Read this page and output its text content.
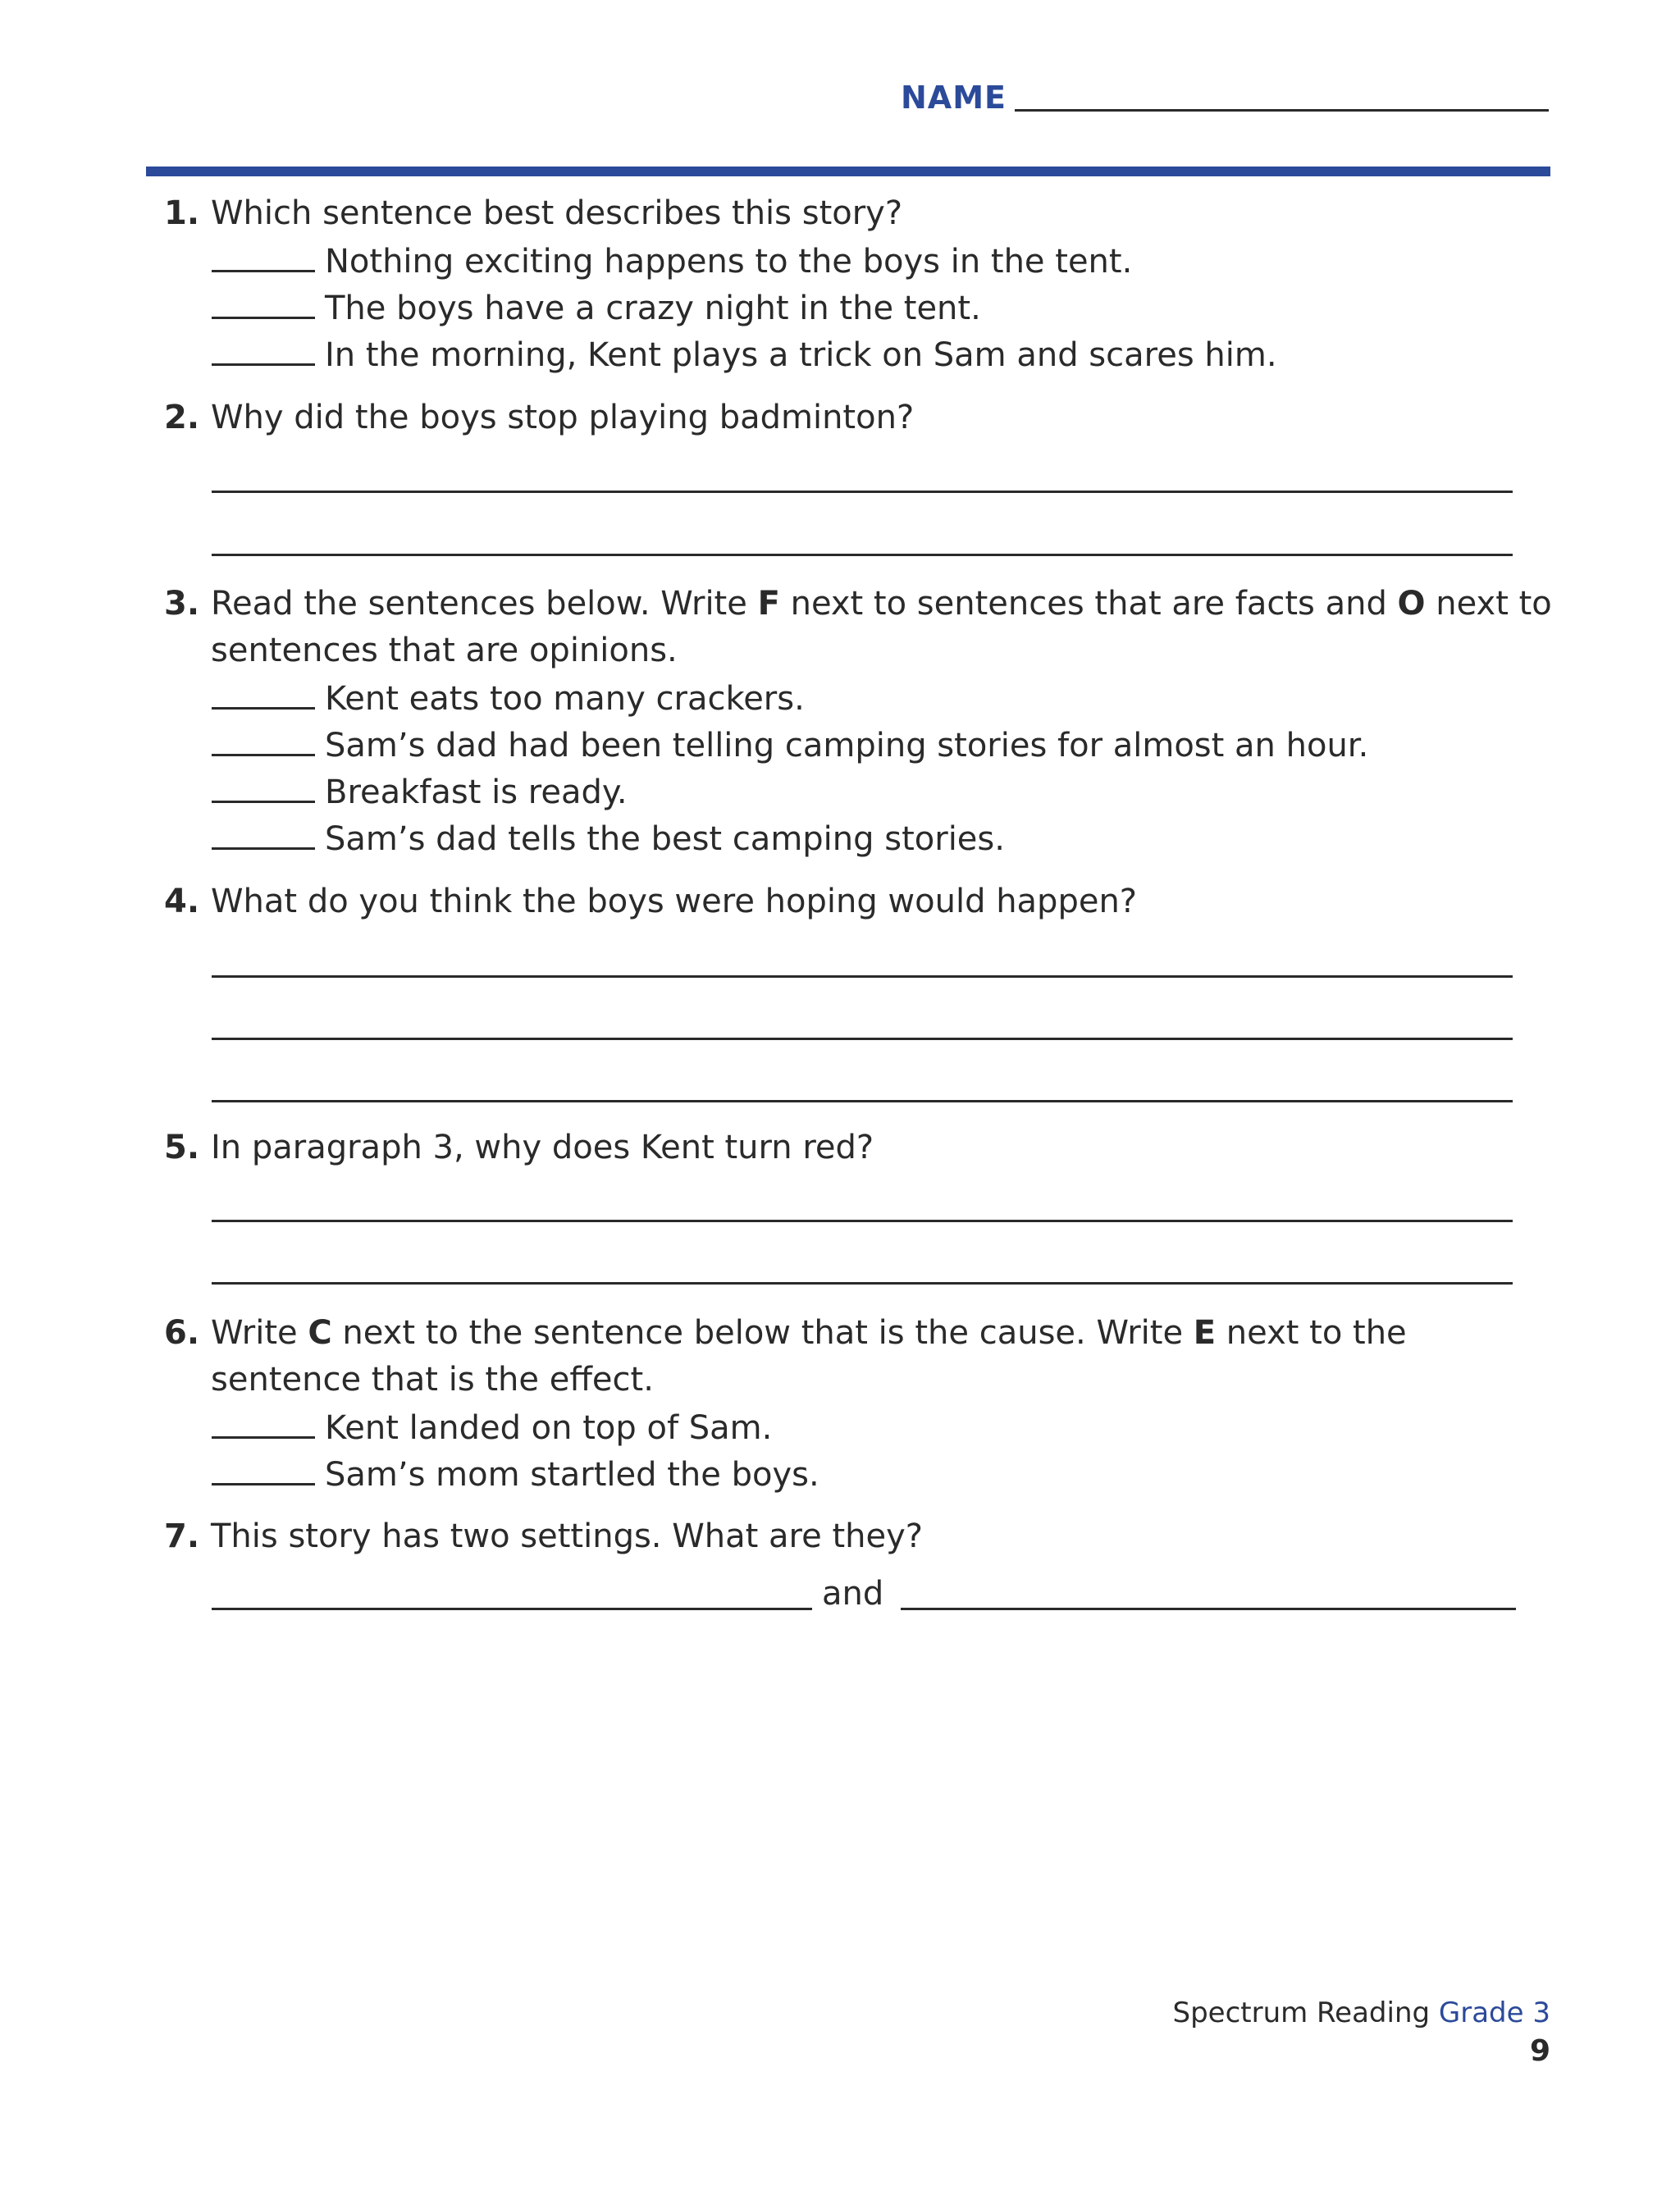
NAME
1. Which sentence best describes this story?
Nothing exciting happens to the boys in the tent.
The boys have a crazy night in the tent.
In the morning, Kent plays a trick on Sam and scares him.
2. Why did the boys stop playing badminton?
3. Read the sentences below. Write F next to sentences that are facts and O next to sentences that are opinions.
Kent eats too many crackers.
Sam’s dad had been telling camping stories for almost an hour.
Breakfast is ready.
Sam’s dad tells the best camping stories.
4. What do you think the boys were hoping would happen?
5. In paragraph 3, why does Kent turn red?
6. Write C next to the sentence below that is the cause. Write E next to the sentence that is the effect.
Kent landed on top of Sam.
Sam’s mom startled the boys.
7. This story has two settings. What are they?
and
Spectrum Reading Grade 3
9
